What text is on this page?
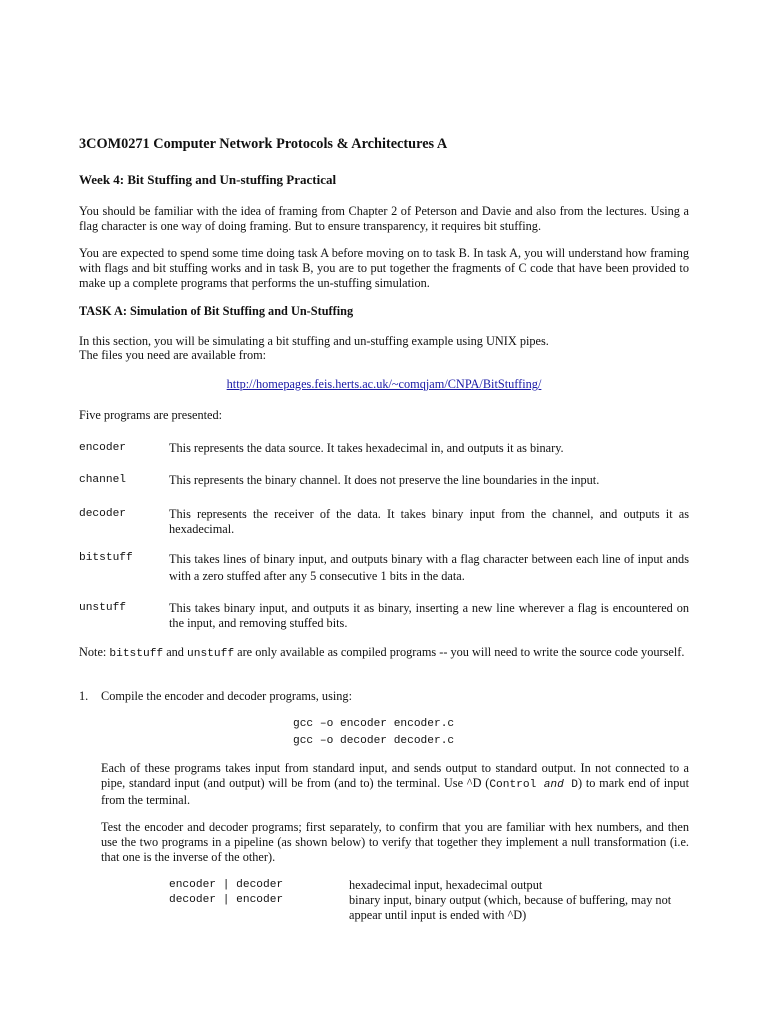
3COM0271 Computer Network Protocols & Architectures A
Week 4: Bit Stuffing and Un-stuffing Practical

You should be familiar with the idea of framing from Chapter 2 of Peterson and Davie and also from the lectures. Using a flag character is one way of doing framing. But to ensure transparency, it requires bit stuffing.

You are expected to spend some time doing task A before moving on to task B. In task A, you will understand how framing with flags and bit stuffing works and in task B, you are to put together the fragments of C code that have been provided to make up a complete programs that performs the un-stuffing simulation.

TASK A: Simulation of Bit Stuffing and Un-Stuffing

In this section, you will be simulating a bit stuffing and un-stuffing example using UNIX pipes.

The files you need are available from:

http://homepages.feis.herts.ac.uk/~comqjam/CNPA/BitStuffing/

Five programs are presented:

encoder	This represents the data source. It takes hexadecimal in, and outputs it as binary.
channel	This represents the binary channel. It does not preserve the line boundaries in the input.
decoder	This represents the receiver of the data. It takes binary input from the channel, and outputs it as hexadecimal.
bitstuff	This takes lines of binary input, and outputs binary with a flag character between each line of input ands with a zero stuffed after any 5 consecutive 1 bits in the data.
unstuff	This takes binary input, and outputs it as binary, inserting a new line wherever a flag is encountered on the input, and removing stuffed bits.

Note: bitstuff and unstuff are only available as compiled programs -- you will need to write the source code yourself.

1. Compile the encoder and decoder programs, using:
gcc –o encoder encoder.c
gcc –o decoder decoder.c

Each of these programs takes input from standard input, and sends output to standard output. In not connected to a pipe, standard input (and output) will be from (and to) the terminal. Use ^D (Control and D) to mark end of input from the terminal.

Test the encoder and decoder programs; first separately, to confirm that you are familiar with hex numbers, and then use the two programs in a pipeline (as shown below) to verify that together they implement a null transformation (i.e. that one is the inverse of the other).

encoder | decoder	hexadecimal input, hexadecimal output
decoder | encoder	binary input, binary output (which, because of buffering, may not appear until input is ended with ^D)
